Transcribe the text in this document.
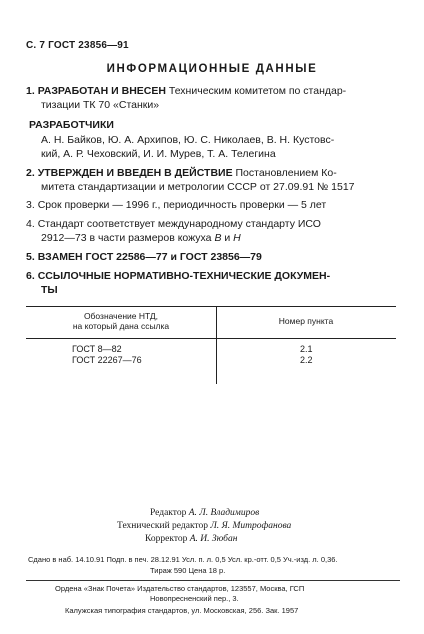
С. 7 ГОСТ 23856—91
ИНФОРМАЦИОННЫЕ ДАННЫЕ
1. РАЗРАБОТАН И ВНЕСЕН Техническим комитетом по стандар-
тизации ТК 70 «Станки»
РАЗРАБОТЧИКИ
А. Н. Байков, Ю. А. Архипов, Ю. С. Николаев, В. Н. Кустовс-
кий, А. Р. Чеховский, И. И. Мурев, Т. А. Телегина
2. УТВЕРЖДЕН И ВВЕДЕН В ДЕЙСТВИЕ Постановлением Ко-
митета стандартизации и метрологии СССР от 27.09.91 № 1517
3. Срок проверки — 1996 г., периодичность проверки — 5 лет
4. Стандарт соответствует международному стандарту ИСО
2912—73 в части размеров кожуха В и Н
5. ВЗАМЕН ГОСТ 22586—77 и ГОСТ 23856—79
6. ССЫЛОЧНЫЕ НОРМАТИВНО-ТЕХНИЧЕСКИЕ ДОКУМЕН-
ТЫ
Обозначение НТД,
на который дана ссылка	Номер пункта
ГОСТ 8—82	2.1
ГОСТ 22267—76	2.2
Редактор А. Л. Владимиров
Технический редактор Л. Я. Митрофанова
Корректор А. И. Зюбан
Сдано в наб. 14.10.91 Подп. в печ. 28.12.91 Усл. п. л. 0,5 Усл. кр.-отт. 0,5 Уч.-изд. л. 0,36.
Тираж 590 Цена 18 р.
Ордена «Знак Почета» Издательство стандартов, 123557, Москва, ГСП
Новопресненский пер., 3.
Калужская типография стандартов, ул. Московская, 256. Зак. 1957
